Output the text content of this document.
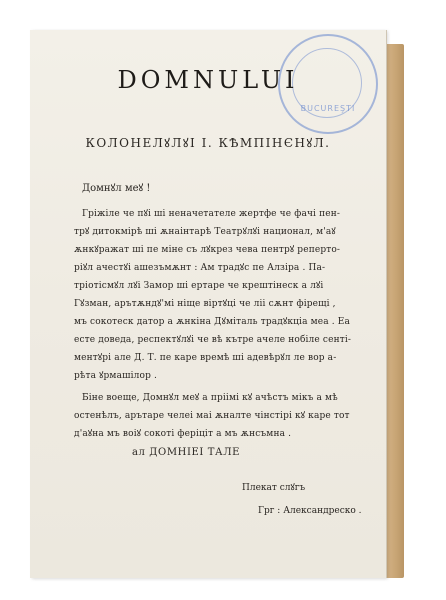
BUCUREŞTI
DOMNULUI
КОЛОНЕЛꙋЛꙋІ І. КѢМПІНЄНꙋЛ.
Домнꙋл меꙋ !
Гріжіле че пꙋі ші неначетателе жертфе че фачі пен-
трꙋ дитокмірѣ ші ѫнаінтарѣ Театрꙋлꙋі национал, м'аꙋ
ѫнкꙋражат ші пе міне съ лꙋкрез чева пентрꙋ реперто-
ріꙋл ачестꙋі ашезъмѫнт : Ам традꙋс пе Алзіра . Па-
тріотісмꙋл лꙋі Замор ші ертаре че крештінеск а лꙋі
Гꙋзман, арътѫндꙋ'мі ніще віртꙋці че ліі сѫнт фірещі ,
мъ сокотеск датор а ѫнкіна Дꙋміталь традꙋкціа меа . Еа
есте доведа, респектꙋлꙋі че вѣ кътре ачеле нобіле сенті-
ментꙋрі але Д. Т. пе каре времѣ ші адевѣрꙋл ле вор а-
рѣта ꙋрмашілор .
Біне воеще, Домнꙋл меꙋ а пріімі кꙋ ачѣстъ мікъ а мѣ
остенѣлъ, арътаре челеі маі ѫналте чінстірі кꙋ каре тот
д'аꙋна мъ воіꙋ сокоті феріціт а мъ ѫнсъмна .
ал ДОМНІЕІ ТАЛЕ
Плекат слꙋгъ
Грг : Александреско .
